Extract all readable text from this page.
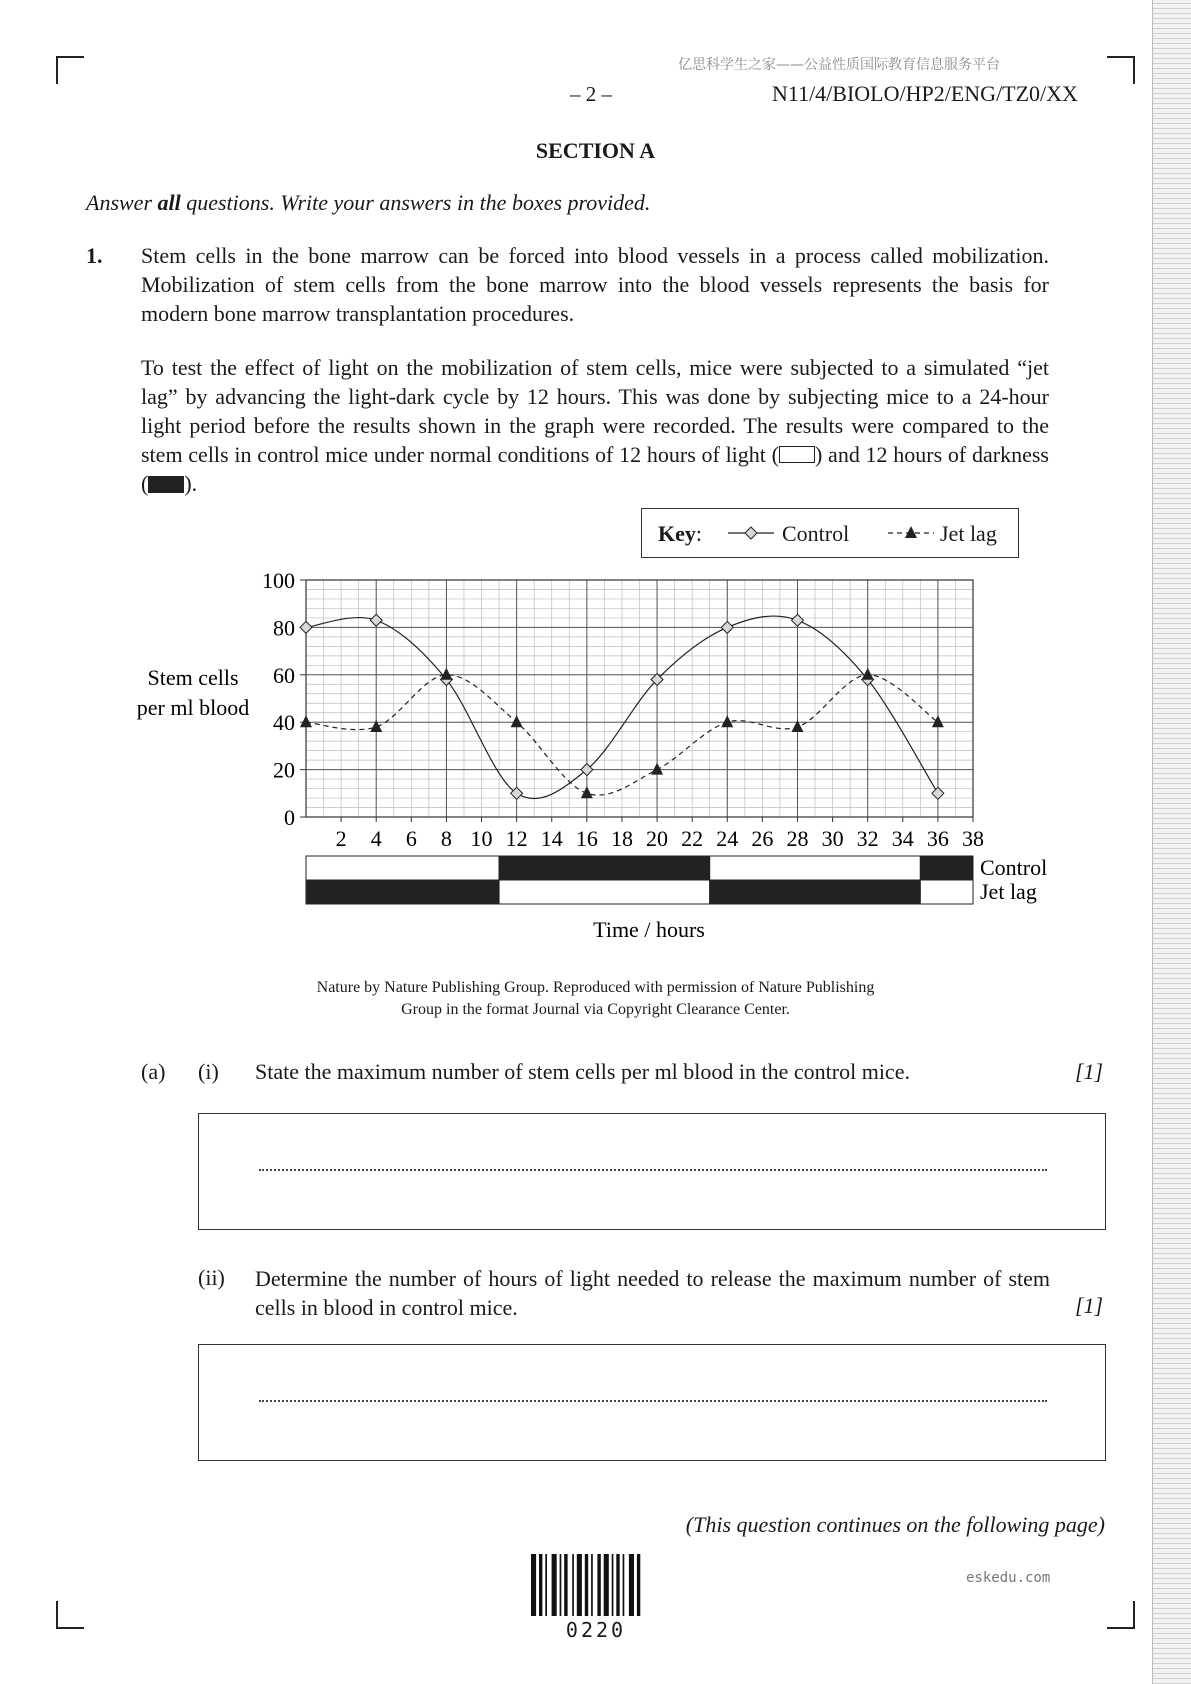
亿思科学生之家——公益性质国际教育信息服务平台
– 2 –	N11/4/BIOLO/HP2/ENG/TZ0/XX
SECTION A
Answer all questions. Write your answers in the boxes provided.
1. Stem cells in the bone marrow can be forced into blood vessels in a process called mobilization. Mobilization of stem cells from the bone marrow into the blood vessels represents the basis for modern bone marrow transplantation procedures.
To test the effect of light on the mobilization of stem cells, mice were subjected to a simulated “jet lag” by advancing the light-dark cycle by 12 hours. This was done by subjecting mice to a 24-hour light period before the results shown in the graph were recorded. The results were compared to the stem cells in control mice under normal conditions of 12 hours of light ( ) and 12 hours of darkness ( ).
Key:	Control	Jet lag
2 4 6 8 10 12 14 16 18 20 22 24 26 28 30 32 34 36 38
0
20
40
60
80
100
Control
Jet lag
Stem cells
per ml blood
Time / hours
Nature by Nature Publishing Group. Reproduced with permission of Nature Publishing
Group in the format Journal via Copyright Clearance Center.
(a) (i) State the maximum number of stem cells per ml blood in the control mice.	[1]
(ii) Determine the number of hours of light needed to release the maximum number of stem cells in blood in control mice.	[1]
(This question continues on the following page)
0220
eskedu.com
